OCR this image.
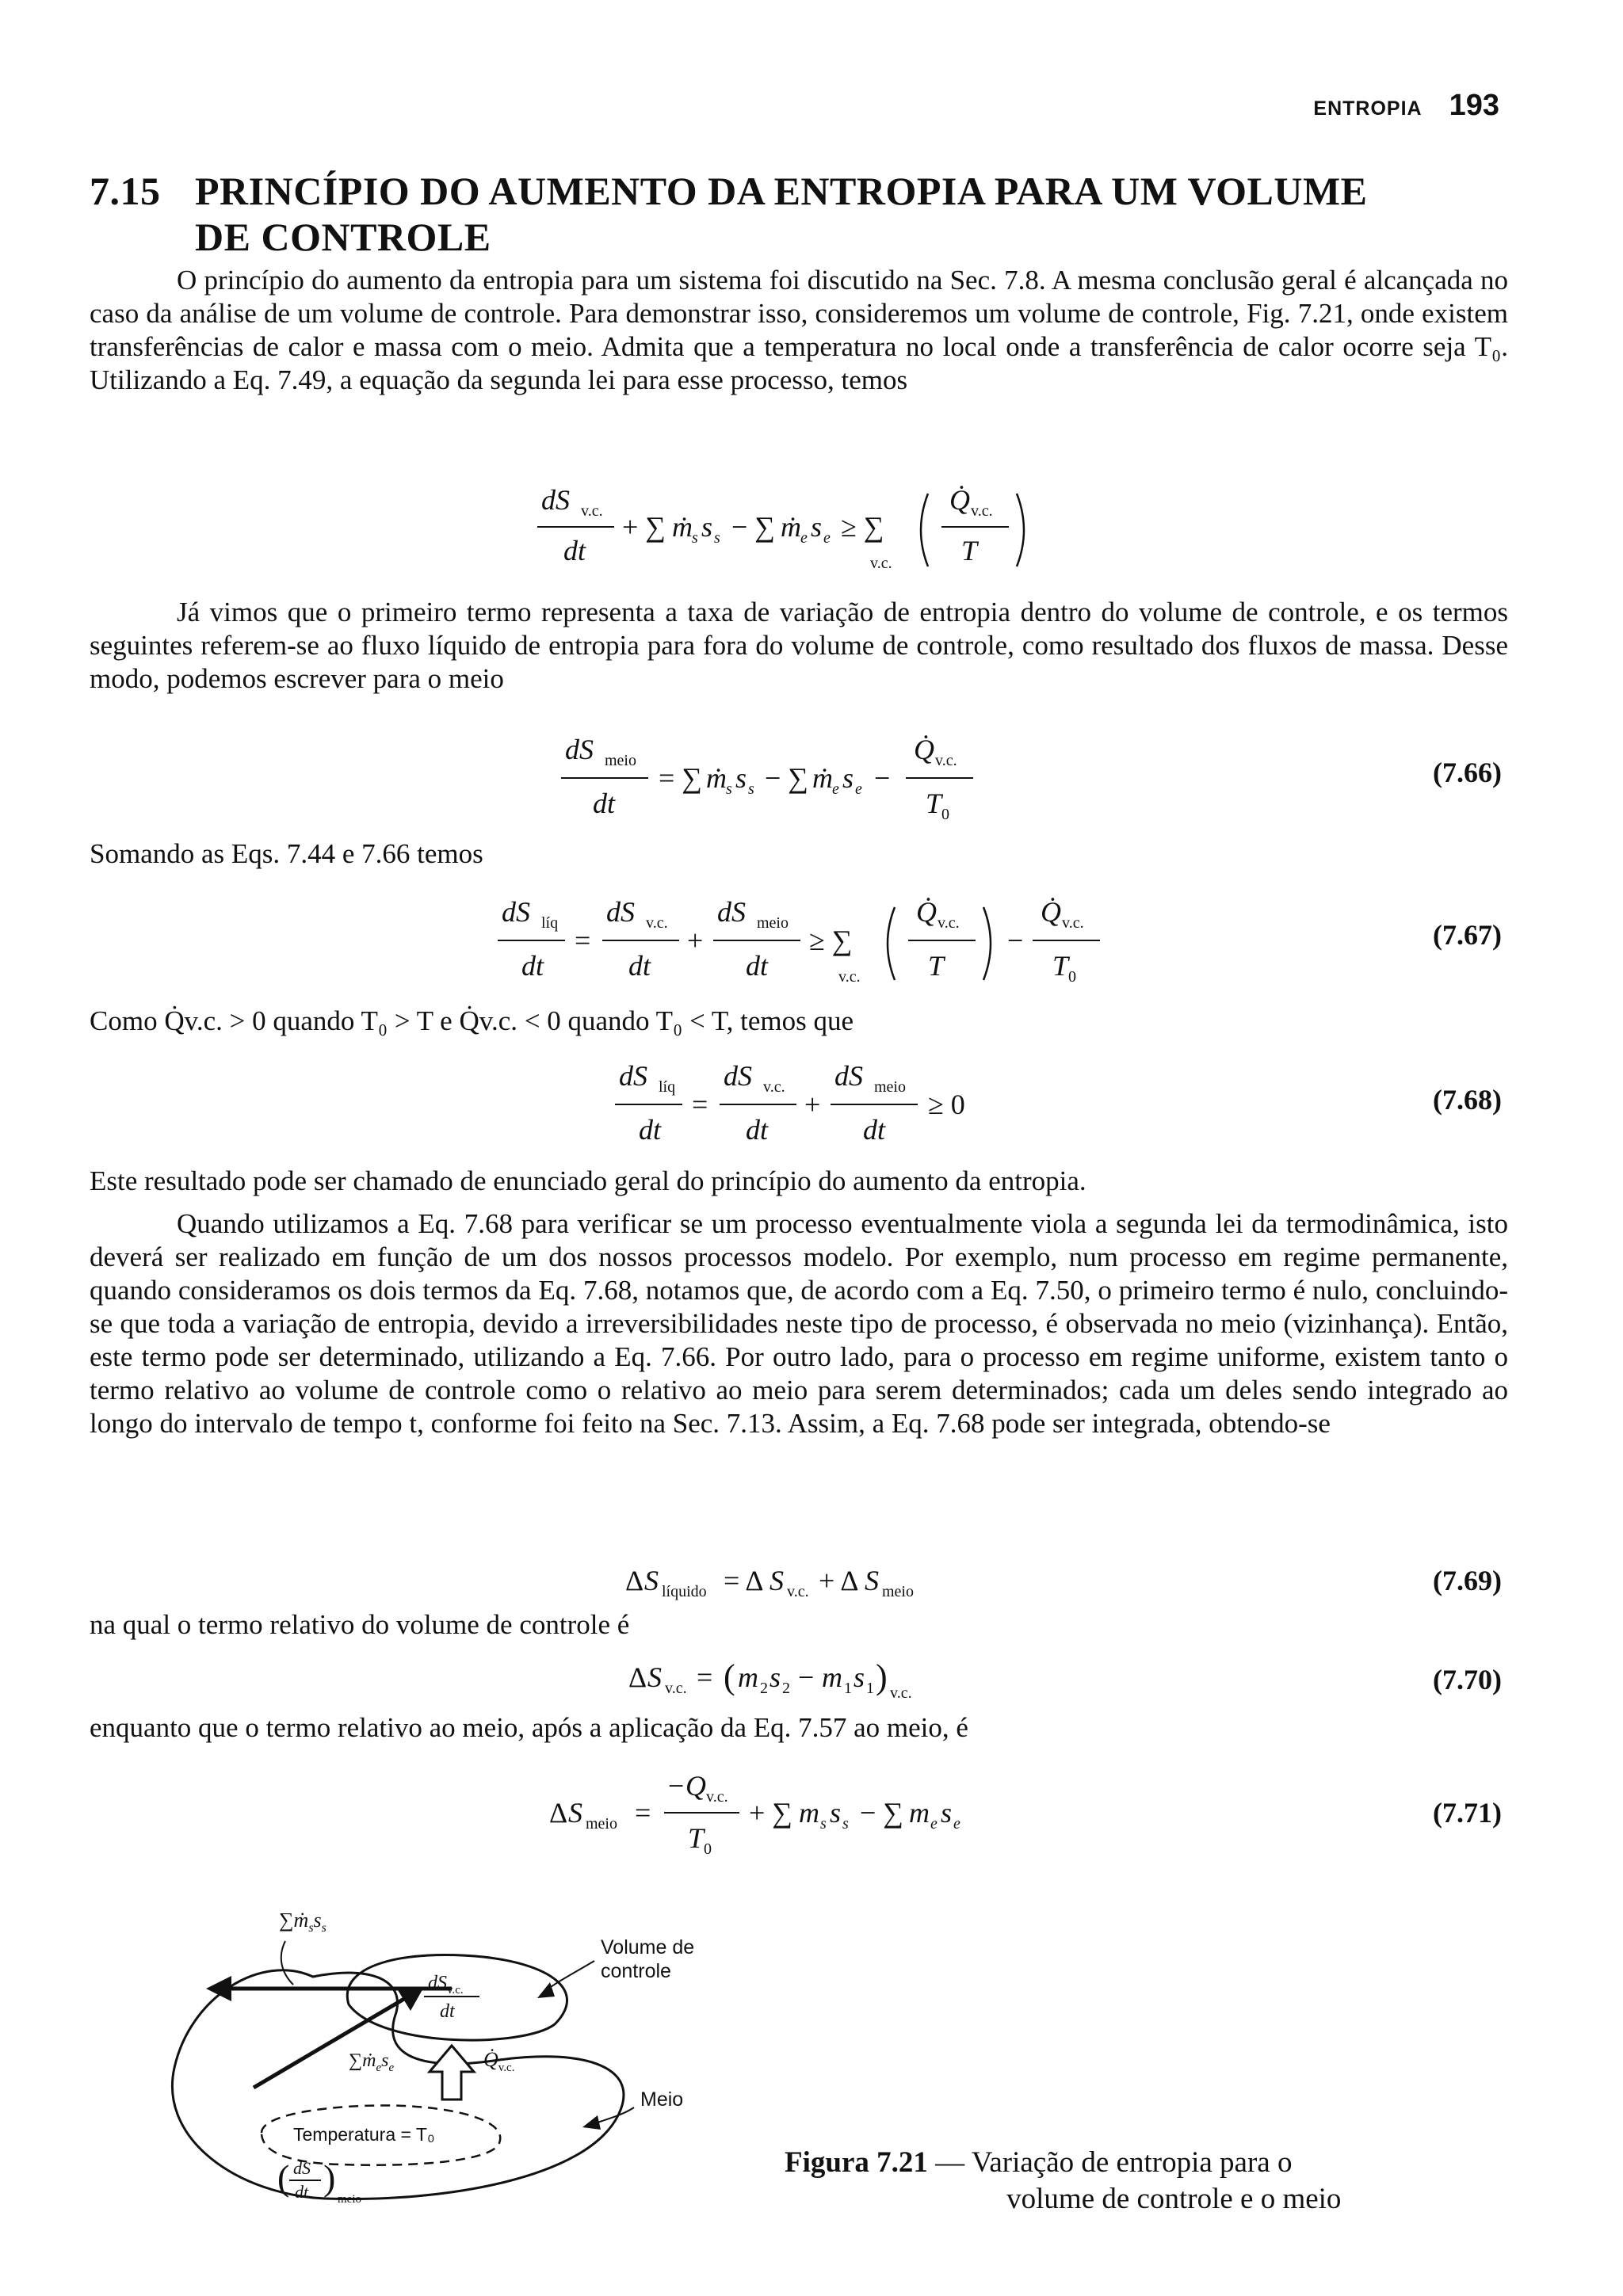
ENTROPIA 193
7.15 PRINCÍPIO DO AUMENTO DA ENTROPIA PARA UM VOLUME
DE CONTROLE
O princípio do aumento da entropia para um sistema foi discutido na Sec. 7.8. A mesma conclusão geral é alcançada no caso da análise de um volume de controle. Para demonstrar isso, consideremos um volume de controle, Fig. 7.21, onde existem transferências de calor e massa com o meio. Admita que a temperatura no local onde a transferência de calor ocorre seja T₀. Utilizando a Eq. 7.49, a equação da segunda lei para esse processo, temos
dS v.c.
dt
+ ∑ ṁ s s s − ∑ ṁ e s e ≥ ∑
v.c.
Q̇ v.c.
T
Já vimos que o primeiro termo representa a taxa de variação de entropia dentro do volume de controle, e os termos seguintes referem-se ao fluxo líquido de entropia para fora do volume de controle, como resultado dos fluxos de massa. Desse modo, podemos escrever para o meio
dS meio
dt
= ∑ ṁ s s s − ∑ ṁ e s e −
Q̇ v.c.
T 0
(7.66)
Somando as Eqs. 7.44 e 7.66 temos
dS líq
dt
=
dS v.c.
dt
+
dS meio
dt
≥ ∑
v.c.
Q̇ v.c.
T
−
Q̇ v.c.
T 0
(7.67)
Como Q̇v.c. > 0 quando T₀ > T e Q̇v.c. < 0 quando T₀ < T, temos que
dS líq
dt
=
dS v.c.
dt
+
dS meio
dt
≥ 0	(7.68)
Este resultado pode ser chamado de enunciado geral do princípio do aumento da entropia.
Quando utilizamos a Eq. 7.68 para verificar se um processo eventualmente viola a segunda lei da termodinâmica, isto deverá ser realizado em função de um dos nossos processos modelo. Por exemplo, num processo em regime permanente, quando consideramos os dois termos da Eq. 7.68, notamos que, de acordo com a Eq. 7.50, o primeiro termo é nulo, concluindo-se que toda a variação de entropia, devido a irreversibilidades neste tipo de processo, é observada no meio (vizinhança). Então, este termo pode ser determinado, utilizando a Eq. 7.66. Por outro lado, para o processo em regime uniforme, existem tanto o termo relativo ao volume de controle como o relativo ao meio para serem determinados; cada um deles sendo integrado ao longo do intervalo de tempo t, conforme foi feito na Sec. 7.13. Assim, a Eq. 7.68 pode ser integrada, obtendo-se
Δ S líquido = Δ S v.c. + Δ S meio	(7.69)
na qual o termo relativo do volume de controle é
Δ S v.c. = ( m 2 s 2 − m 1 s 1 ) v.c.	(7.70)
enquanto que o termo relativo ao meio, após a aplicação da Eq. 7.57 ao meio, é
Δ S meio =
− Q v.c.
T 0
+ ∑ m s s s − ∑ m e s e	(7.71)
$\sum ṁ_ss_s$
$dS_{v.c.}$
dt
$\sum ṁ_es_e$	$Q̇_{v.c.}$
dS
dt
( )
meio
Volume de
controle
Meio
Temperatura = T₀
Figura 7.21 — Variação de entropia para o
volume de controle e o meio
